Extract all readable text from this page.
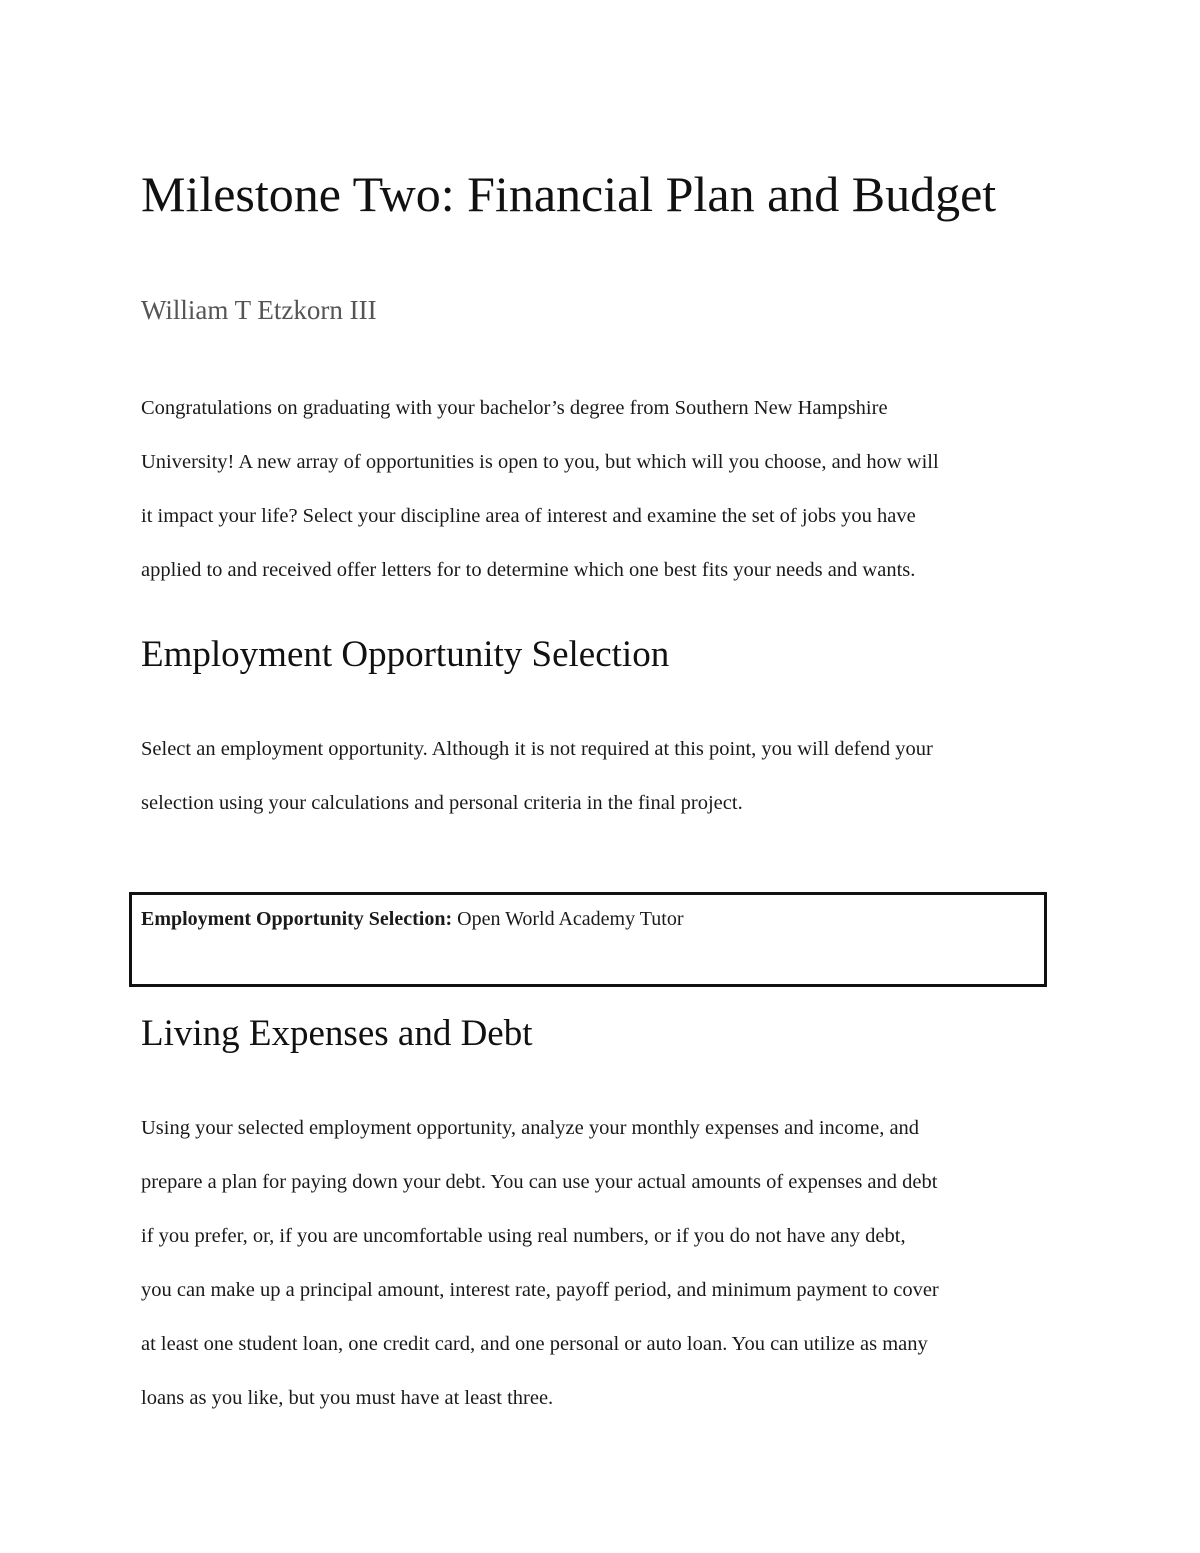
Milestone Two: Financial Plan and Budget
William T Etzkorn III
Congratulations on graduating with your bachelor’s degree from Southern New Hampshire
University! A new array of opportunities is open to you, but which will you choose, and how will
it impact your life? Select your discipline area of interest and examine the set of jobs you have
applied to and received offer letters for to determine which one best fits your needs and wants.
Employment Opportunity Selection
Select an employment opportunity. Although it is not required at this point, you will defend your
selection using your calculations and personal criteria in the final project.
Employment Opportunity Selection: Open World Academy Tutor
Living Expenses and Debt
Using your selected employment opportunity, analyze your monthly expenses and income, and
prepare a plan for paying down your debt. You can use your actual amounts of expenses and debt
if you prefer, or, if you are uncomfortable using real numbers, or if you do not have any debt,
you can make up a principal amount, interest rate, payoff period, and minimum payment to cover
at least one student loan, one credit card, and one personal or auto loan. You can utilize as many
loans as you like, but you must have at least three.
